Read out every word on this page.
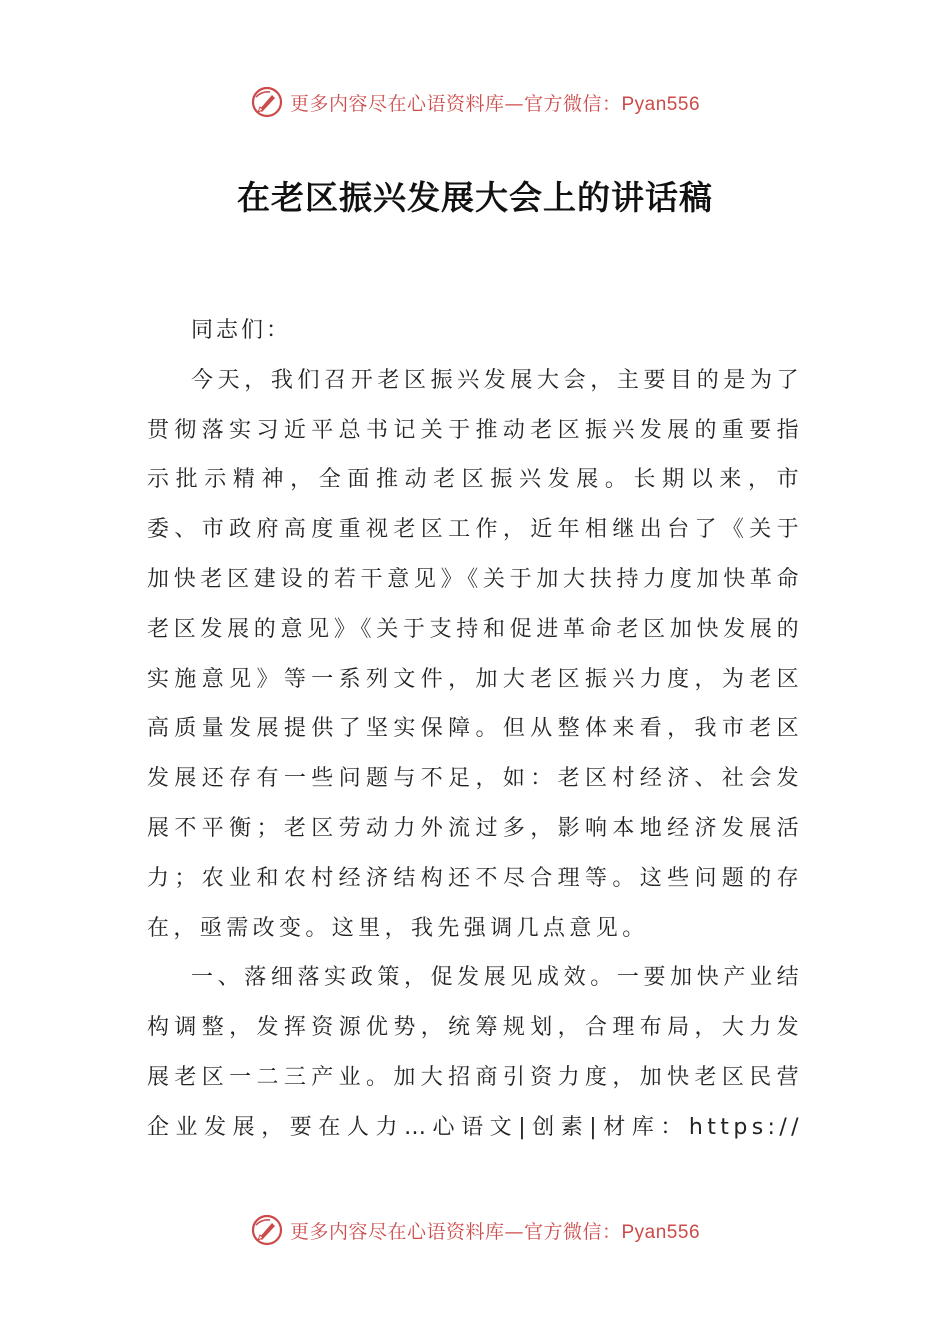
更多内容尽在心语资料库—官方微信：Pyan556
在老区振兴发展大会上的讲话稿

同志们：

今天，我们召开老区振兴发展大会，主要目的是为了贯彻落实习近平总书记关于推动老区振兴发展的重要指示批示精神，全面推动老区振兴发展。长期以来，市委、市政府高度重视老区工作，近年相继出台了《关于加快老区建设的若干意见》《关于加大扶持力度加快革命老区发展的意见》《关于支持和促进革命老区加快发展的实施意见》等一系列文件，加大老区振兴力度，为老区高质量发展提供了坚实保障。但从整体来看，我市老区发展还存有一些问题与不足，如：老区村经济、社会发展不平衡；老区劳动力外流过多，影响本地经济发展活力；农业和农村经济结构还不尽合理等。这些问题的存在，亟需改变。这里，我先强调几点意见。

一、落细落实政策，促发展见成效。一要加快产业结构调整，发挥资源优势，统筹规划，合理布局，大力发展老区一二三产业。加大招商引资力度，加快老区民营企业发展，要在人力…心语文|创素|材库：https://

更多内容尽在心语资料库—官方微信：Pyan556
